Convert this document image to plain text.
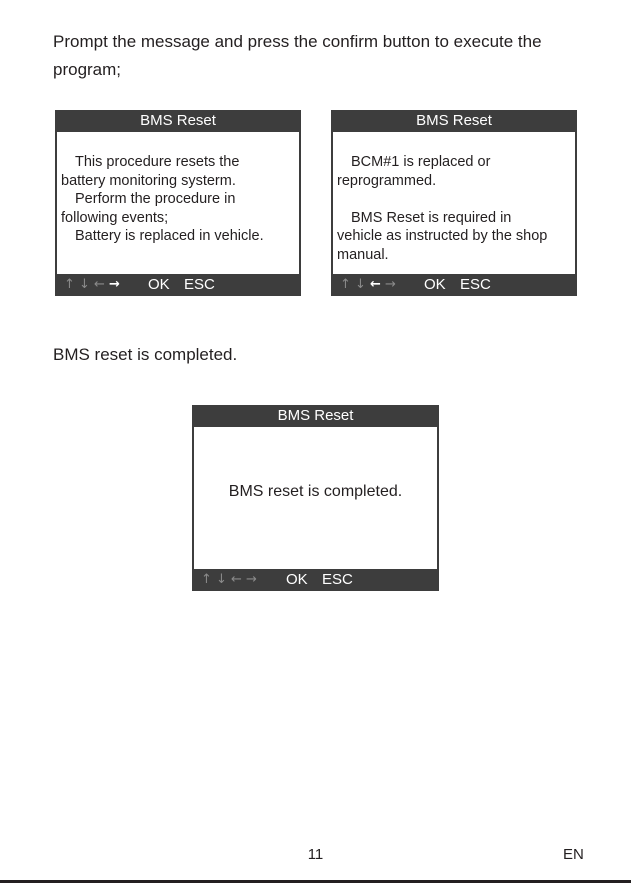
Prompt the message and press the confirm button to execute the
program;
BMS Reset
This procedure resets the
battery monitoring systerm.
Perform the procedure in
following events;
Battery is replaced in vehicle.
↑ ↓ ← → OK ESC
BMS Reset
BCM#1 is replaced or
reprogrammed.
BMS Reset is required in
vehicle as instructed by the shop
manual.
↑ ↓ ← → OK ESC

BMS reset is completed.

BMS Reset
BMS reset is completed.
↑ ↓ ← → OK ESC
11	EN
